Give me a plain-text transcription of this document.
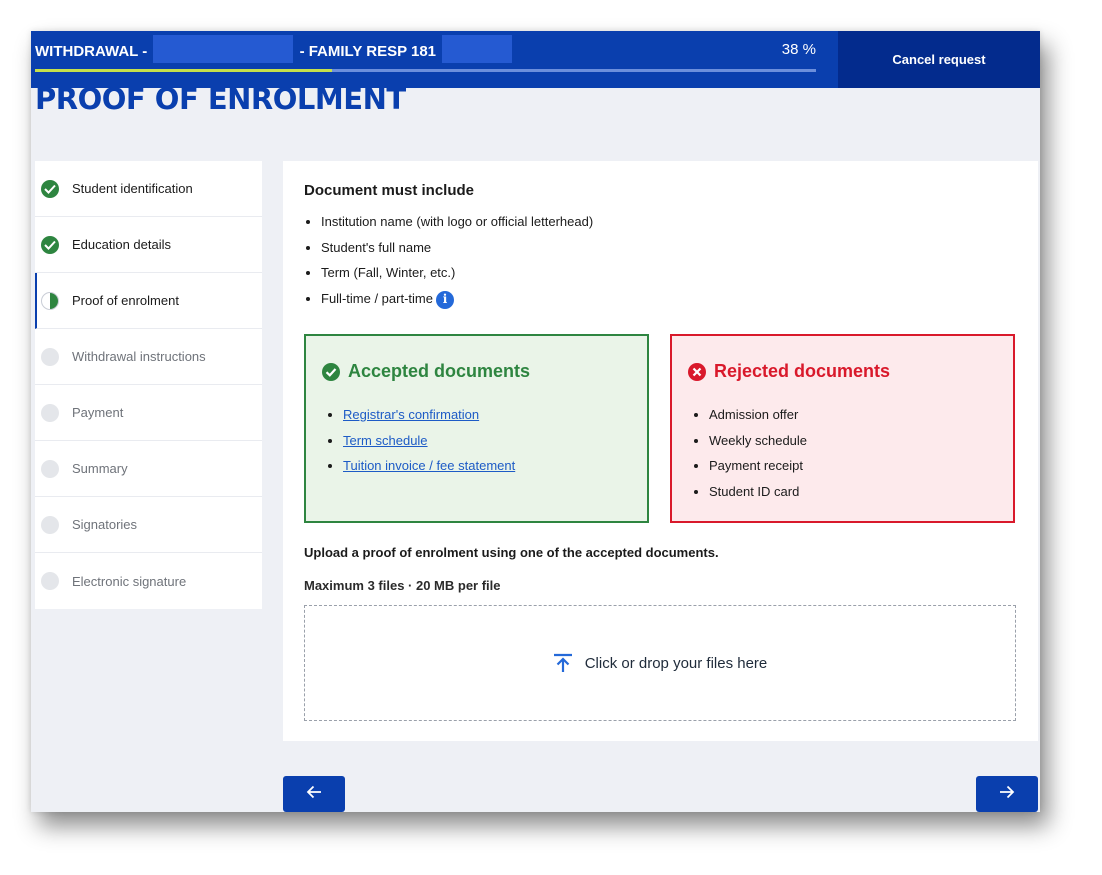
WITHDRAWAL -	- FAMILY RESP 181	38 %
Cancel request
PROOF OF ENROLMENT
Student identification
Education details
Proof of enrolment
Withdrawal instructions
Payment
Summary
Signatories
Electronic signature
Document must include
• Institution name (with logo or official letterhead)
• Student's full name
• Term (Fall, Winter, etc.)
• Full-time / part-time i
Accepted documents
• Registrar's confirmation
• Term schedule
• Tuition invoice / fee statement
Rejected documents
• Admission offer
• Weekly schedule
• Payment receipt
• Student ID card

Upload a proof of enrolment using one of the accepted documents.

Maximum 3 files · 20 MB per file

Click or drop your files here
